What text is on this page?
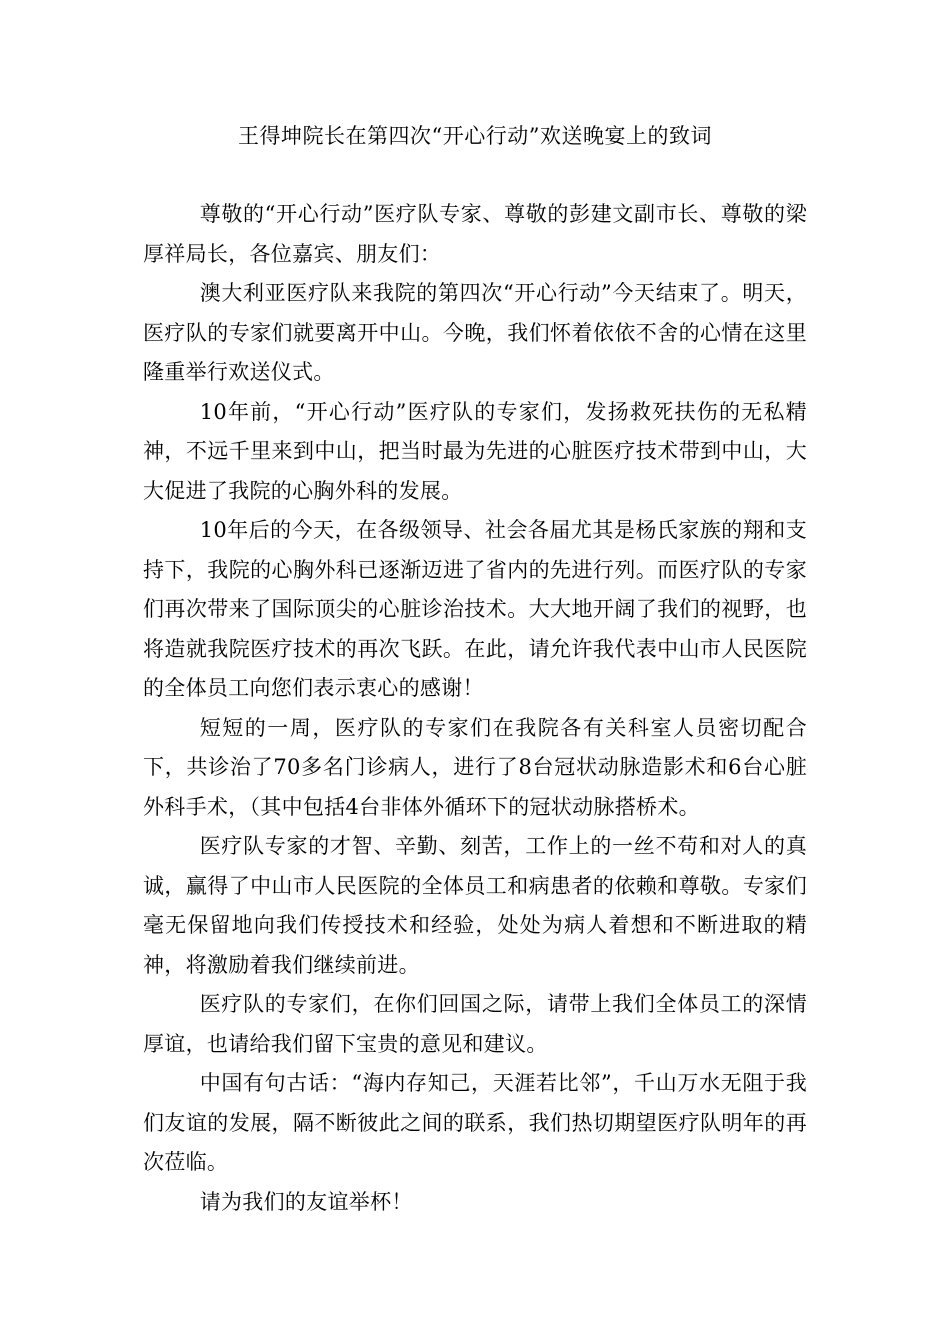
王得坤院长在第四次“开心行动”欢送晚宴上的致词

尊敬的“开心行动”医疗队专家、尊敬的彭建文副市长、尊敬的梁厚祥局长，各位嘉宾、朋友们：

澳大利亚医疗队来我院的第四次“开心行动”今天结束了。明天，医疗队的专家们就要离开中山。今晚，我们怀着依依不舍的心情在这里隆重举行欢送仪式。

10年前，“开心行动”医疗队的专家们，发扬救死扶伤的无私精神，不远千里来到中山，把当时最为先进的心脏医疗技术带到中山，大大促进了我院的心胸外科的发展。

10年后的今天，在各级领导、社会各届尤其是杨氏家族的翔和支持下，我院的心胸外科已逐渐迈进了省内的先进行列。而医疗队的专家们再次带来了国际顶尖的心脏诊治技术。大大地开阔了我们的视野，也将造就我院医疗技术的再次飞跃。在此，请允许我代表中山市人民医院的全体员工向您们表示衷心的感谢！

短短的一周，医疗队的专家们在我院各有关科室人员密切配合下，共诊治了70多名门诊病人，进行了8台冠状动脉造影术和6台心脏外科手术，（其中包括4台非体外循环下的冠状动脉搭桥术。

医疗队专家的才智、辛勤、刻苦，工作上的一丝不苟和对人的真诚，赢得了中山市人民医院的全体员工和病患者的依赖和尊敬。专家们毫无保留地向我们传授技术和经验，处处为病人着想和不断进取的精神，将激励着我们继续前进。

医疗队的专家们，在你们回国之际，请带上我们全体员工的深情厚谊，也请给我们留下宝贵的意见和建议。

中国有句古话：“海内存知己，天涯若比邻”，千山万水无阻于我们友谊的发展，隔不断彼此之间的联系，我们热切期望医疗队明年的再次莅临。

请为我们的友谊举杯！
